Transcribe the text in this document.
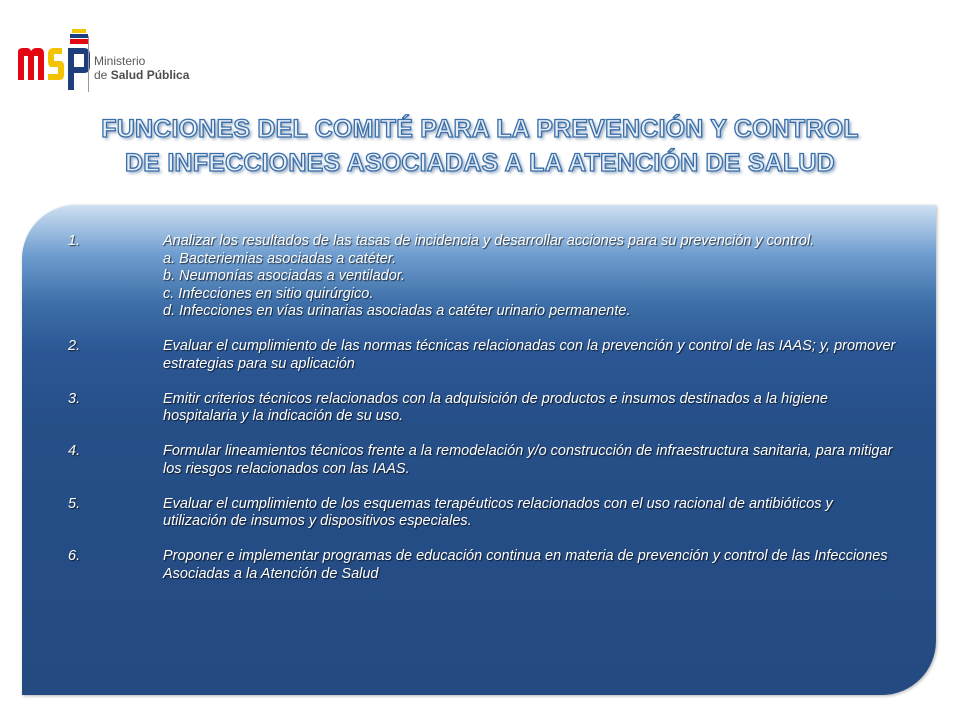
Ministerio
de Salud Pública
FUNCIONES DEL COMITÉ PARA LA PREVENCIÓN Y CONTROL
DE INFECCIONES ASOCIADAS A LA ATENCIÓN DE SALUD
1.	Analizar los resultados de las tasas de incidencia y desarrollar acciones para su prevención y control.
a. Bacteriemias asociadas a catéter.
b. Neumonías asociadas a ventilador.
c. Infecciones en sitio quirúrgico.
d. Infecciones en vías urinarias asociadas a catéter urinario permanente.
2.	Evaluar el cumplimiento de las normas técnicas relacionadas con la prevención y control de las IAAS; y, promover estrategias para su aplicación
3.	Emitir criterios técnicos relacionados con la adquisición de productos e insumos destinados a la higiene hospitalaria y la indicación de su uso.
4.	Formular lineamientos técnicos frente a la remodelación y/o construcción de infraestructura sanitaria, para mitigar los riesgos relacionados con las IAAS.
5.	Evaluar el cumplimiento de los esquemas terapéuticos relacionados con el uso racional de antibióticos y utilización de insumos y dispositivos especiales.
6.	Proponer e implementar programas de educación continua en materia de prevención y control de las Infecciones Asociadas a la Atención de Salud
